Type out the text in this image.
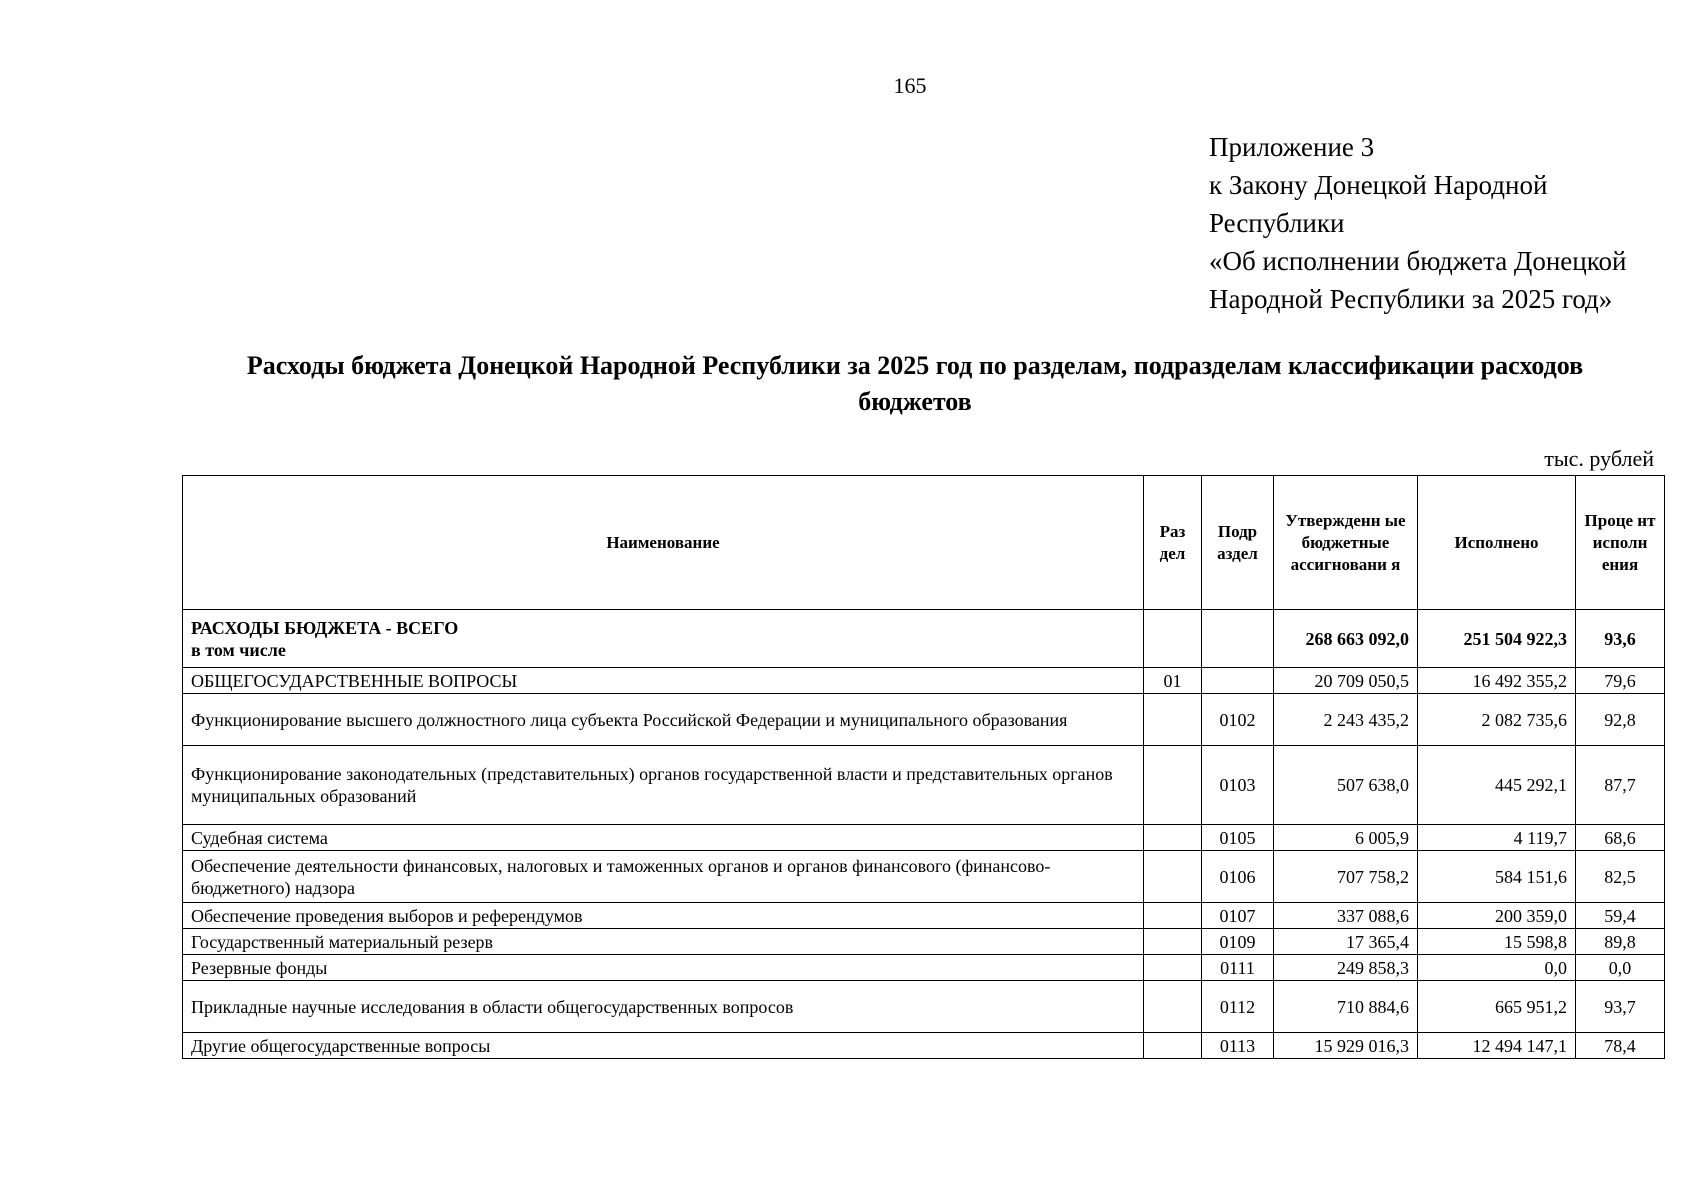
165
Приложение 3
к Закону Донецкой Народной
Республики
«Об исполнении бюджета Донецкой
Народной Республики за 2025 год»
Расходы бюджета Донецкой Народной Республики за 2025 год по разделам, подразделам классификации расходов
бюджетов
тыс. рублей
Наименование	Раз дел	Подр аздел	Утвержденн ые бюджетные ассигновани я	Исполнено	Проце нт исполн ения

РАСХОДЫ БЮДЖЕТА - ВСЕГО
в том числе			268 663 092,0	251 504 922,3	93,6
ОБЩЕГОСУДАРСТВЕННЫЕ ВОПРОСЫ	01		20 709 050,5	16 492 355,2	79,6
Функционирование высшего должностного лица субъекта Российской Федерации и муниципального образования		0102	2 243 435,2	2 082 735,6	92,8
Функционирование законодательных (представительных) органов государственной власти и представительных органов муниципальных образований		0103	507 638,0	445 292,1	87,7
Судебная система		0105	6 005,9	4 119,7	68,6
Обеспечение деятельности финансовых, налоговых и таможенных органов и органов финансового (финансово-бюджетного) надзора		0106	707 758,2	584 151,6	82,5
Обеспечение проведения выборов и референдумов		0107	337 088,6	200 359,0	59,4
Государственный материальный резерв		0109	17 365,4	15 598,8	89,8
Резервные фонды		0111	249 858,3	0,0	0,0
Прикладные научные исследования в области общегосударственных вопросов		0112	710 884,6	665 951,2	93,7
Другие общегосударственные вопросы		0113	15 929 016,3	12 494 147,1	78,4
